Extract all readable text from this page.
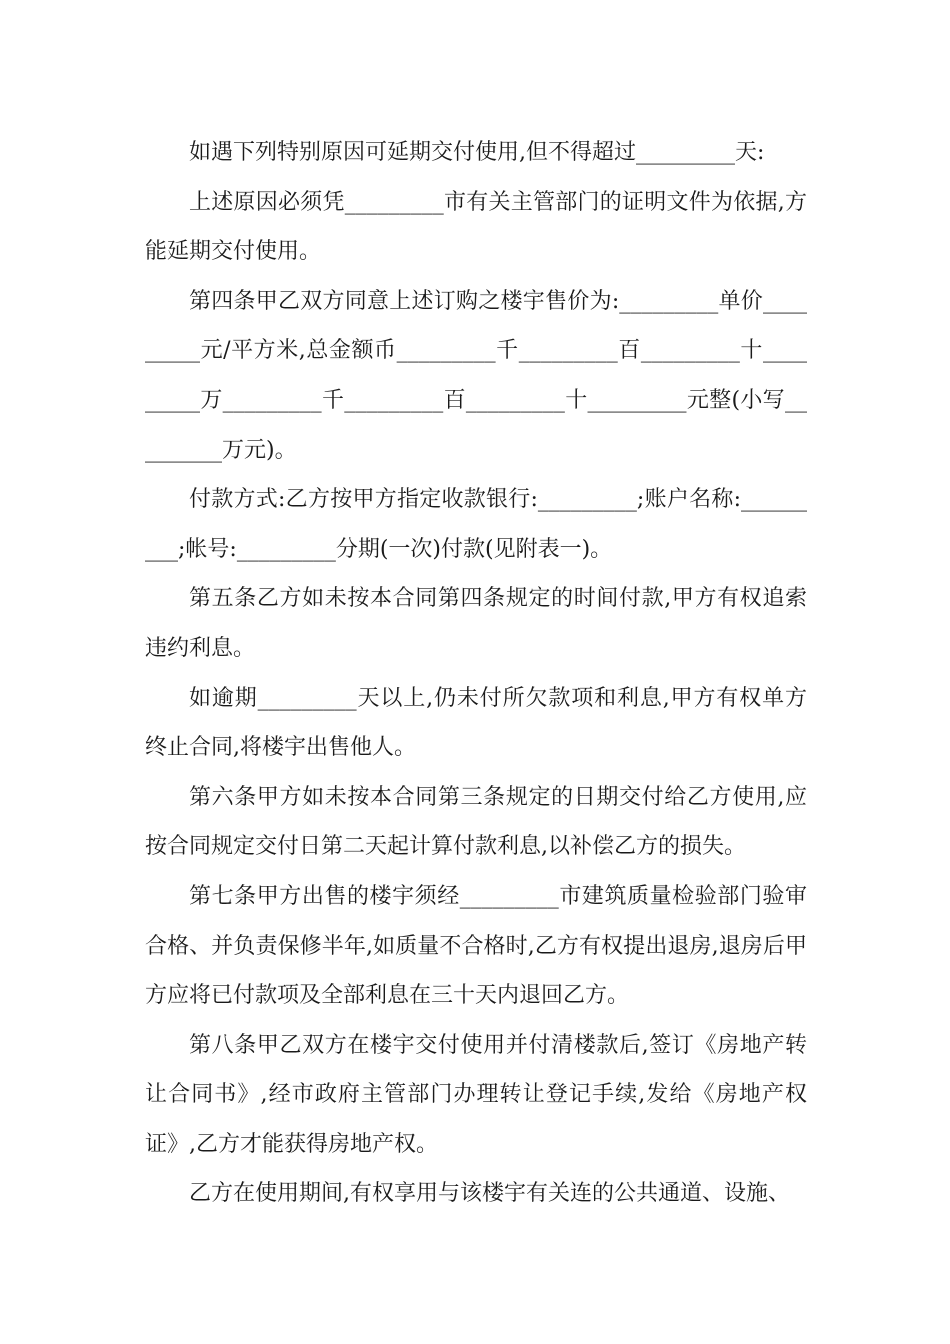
如遇下列特别原因可延期交付使用,但不得超过_________天:

上述原因必须凭_________市有关主管部门的证明文件为依据,方能延期交付使用。

第四条甲乙双方同意上述订购之楼宇售价为:_________单价_________元/平方米,总金额币_________千_________百_________十_________万_________千_________百_________十_________元整(小写_________万元)。

付款方式:乙方按甲方指定收款银行:_________;账户名称:_________;帐号:_________分期(一次)付款(见附表一)。

第五条乙方如未按本合同第四条规定的时间付款,甲方有权追索违约利息。

如逾期_________天以上,仍未付所欠款项和利息,甲方有权单方终止合同,将楼宇出售他人。

第六条甲方如未按本合同第三条规定的日期交付给乙方使用,应按合同规定交付日第二天起计算付款利息,以补偿乙方的损失。

第七条甲方出售的楼宇须经_________市建筑质量检验部门验审合格、并负责保修半年,如质量不合格时,乙方有权提出退房,退房后甲方应将已付款项及全部利息在三十天内退回乙方。

第八条甲乙双方在楼宇交付使用并付清楼款后,签订《房地产转让合同书》,经市政府主管部门办理转让登记手续,发给《房地产权证》,乙方才能获得房地产权。

乙方在使用期间,有权享用与该楼宇有关连的公共通道、设施、
